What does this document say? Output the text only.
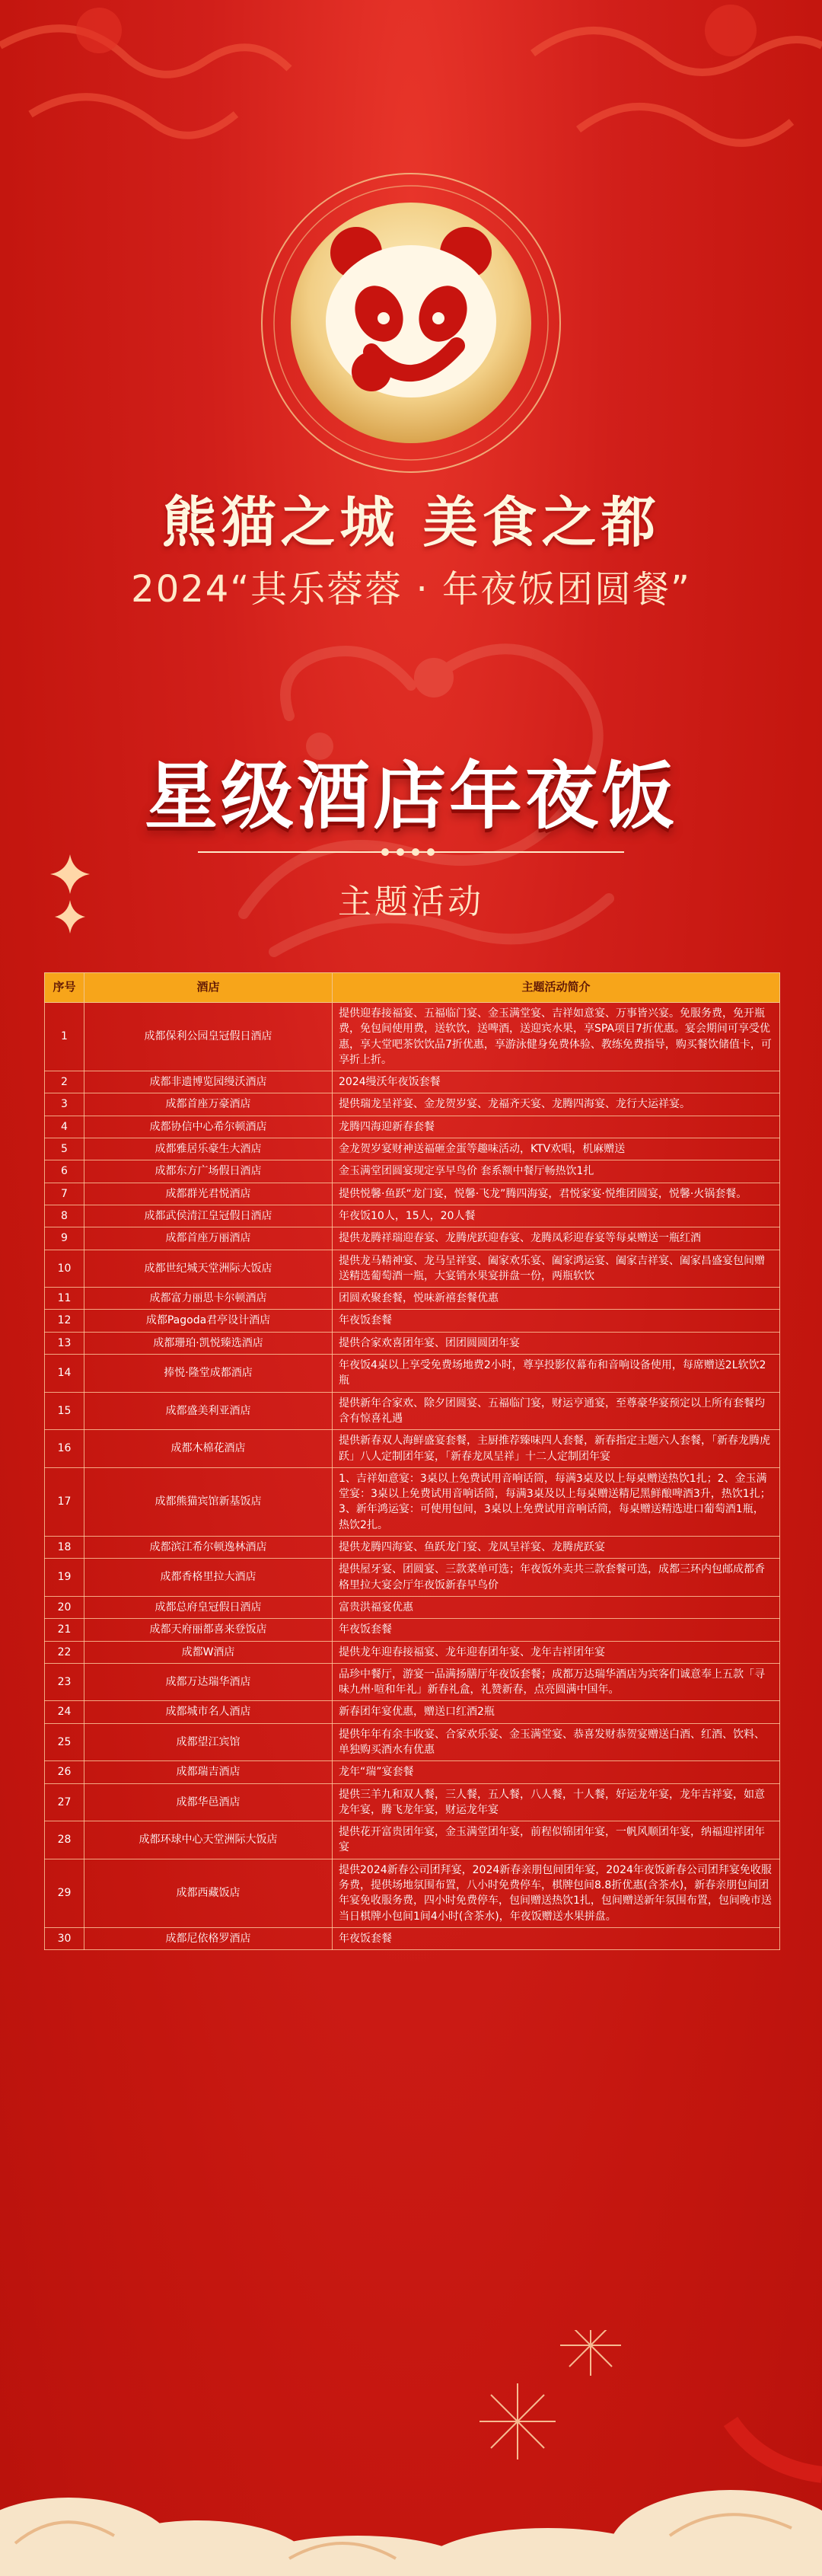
熊猫之城 美食之都
2024“其乐蓉蓉 · 年夜饭团圆餐”
星级酒店年夜饭
主题活动
序号	酒店	主题活动简介
1	成都保利公园皇冠假日酒店	提供迎春接福宴、五福临门宴、金玉满堂宴、吉祥如意宴、万事皆兴宴。免服务费，免开瓶费，免包间使用费，送软饮，送啤酒，送迎宾水果，享SPA项目7折优惠。宴会期间可享受优惠，享大堂吧茶饮饮品7折优惠，享游泳健身免费体验、教练免费指导，购买餐饮储值卡，可享折上折。
2	成都非遗博览园缦沃酒店	2024缦沃年夜饭套餐
3	成都首座万豪酒店	提供瑞龙呈祥宴、金龙贺岁宴、龙福齐天宴、龙腾四海宴、龙行大运祥宴。
4	成都协信中心希尔顿酒店	龙腾四海迎新春套餐
5	成都雅居乐豪生大酒店	金龙贺岁宴财神送福砸金蛋等趣味活动，KTV欢唱，机麻赠送
6	成都东方广场假日酒店	金玉满堂团圆宴现定享早鸟价 套系额中餐厅畅热饮1扎
7	成都群光君悦酒店	提供悦馨·鱼跃“龙门宴，悦馨·飞龙”腾四海宴，君悦家宴·悦维团圆宴，悦馨·火锅套餐。
8	成都武侯清江皇冠假日酒店	年夜饭10人，15人，20人餐
9	成都首座万丽酒店	提供龙腾祥瑞迎春宴、龙腾虎跃迎春宴、龙腾凤彩迎春宴等每桌赠送一瓶红酒
10	成都世纪城天堂洲际大饭店	提供龙马精神宴、龙马呈祥宴、阖家欢乐宴、阖家鸿运宴、阖家吉祥宴、阖家昌盛宴包间赠送精选葡萄酒一瓶，大宴销水果宴拼盘一份，两瓶软饮
11	成都富力丽思卡尔顿酒店	团圆欢聚套餐，悦味新禧套餐优惠
12	成都Pagoda君亭设计酒店	年夜饭套餐
13	成都珊珀·凯悦臻选酒店	提供合家欢喜团年宴、团团圆圆团年宴
14	捧悦·隆堂成都酒店	年夜饭4桌以上享受免费场地费2小时，尊享投影仪幕布和音响设备使用，每席赠送2L软饮2瓶
15	成都盛美利亚酒店	提供新年合家欢、除夕团圆宴、五福临门宴，财运亨通宴，至尊豪华宴预定以上所有套餐均含有惊喜礼遇
16	成都木棉花酒店	提供新春双人海鲜盛宴套餐，主厨推荐臻味四人套餐，新春指定主题六人套餐，「新春龙腾虎跃」八人定制团年宴，「新春龙凤呈祥」十二人定制团年宴
17	成都熊猫宾馆新基饭店	1、吉祥如意宴：3桌以上免费试用音响话筒，每满3桌及以上每桌赠送热饮1扎；2、金玉满堂宴：3桌以上免费试用音响话筒，每满3桌及以上每桌赠送精尼黑鲜酿啤酒3升，热饮1扎；3、新年鸿运宴：可使用包间，3桌以上免费试用音响话筒，每桌赠送精选进口葡萄酒1瓶，热饮2扎。
18	成都滨江希尔顿逸林酒店	提供龙腾四海宴、鱼跃龙门宴、龙凤呈祥宴、龙腾虎跃宴
19	成都香格里拉大酒店	提供屋牙宴、团圆宴、三款菜单可选；年夜饭外卖共三款套餐可选，成都三环内包邮成都香格里拉大宴会厅年夜饭新春早鸟价
20	成都总府皇冠假日酒店	富贵洪福宴优惠
21	成都天府丽都喜来登饭店	年夜饭套餐
22	成都W酒店	提供龙年迎春接福宴、龙年迎春团年宴、龙年吉祥团年宴
23	成都万达瑞华酒店	品珍中餐厅，游宴一品满扬膳厅年夜饭套餐；成都万达瑞华酒店为宾客们诚意奉上五款「寻味九州·喧和年礼」新春礼盒，礼赞新春，点亮圆满中国年。
24	成都城市名人酒店	新春团年宴优惠，赠送口红酒2瓶
25	成都望江宾馆	提供年年有余丰收宴、合家欢乐宴、金玉满堂宴、恭喜发财恭贺宴赠送白酒、红酒、饮料、单独购买酒水有优惠
26	成都瑞吉酒店	龙年“瑞”宴套餐
27	成都华邑酒店	提供三羊九和双人餐，三人餐，五人餐，八人餐，十人餐，好运龙年宴，龙年吉祥宴，如意龙年宴，腾飞龙年宴，财运龙年宴
28	成都环球中心天堂洲际大饭店	提供花开富贵团年宴，金玉满堂团年宴，前程似锦团年宴，一帆风顺团年宴，纳福迎祥团年宴
29	成都西藏饭店	提供2024新春公司团拜宴，2024新春亲朋包间团年宴，2024年夜饭新春公司团拜宴免收服务费，提供场地氛围布置，八小时免费停车，棋牌包间8.8折优惠(含茶水)，新春亲朋包间团年宴免收服务费，四小时免费停车，包间赠送热饮1扎，包间赠送新年氛围布置，包间晚市送当日棋牌小包间1间4小时(含茶水)，年夜饭赠送水果拼盘。
30	成都尼依格罗酒店	年夜饭套餐
